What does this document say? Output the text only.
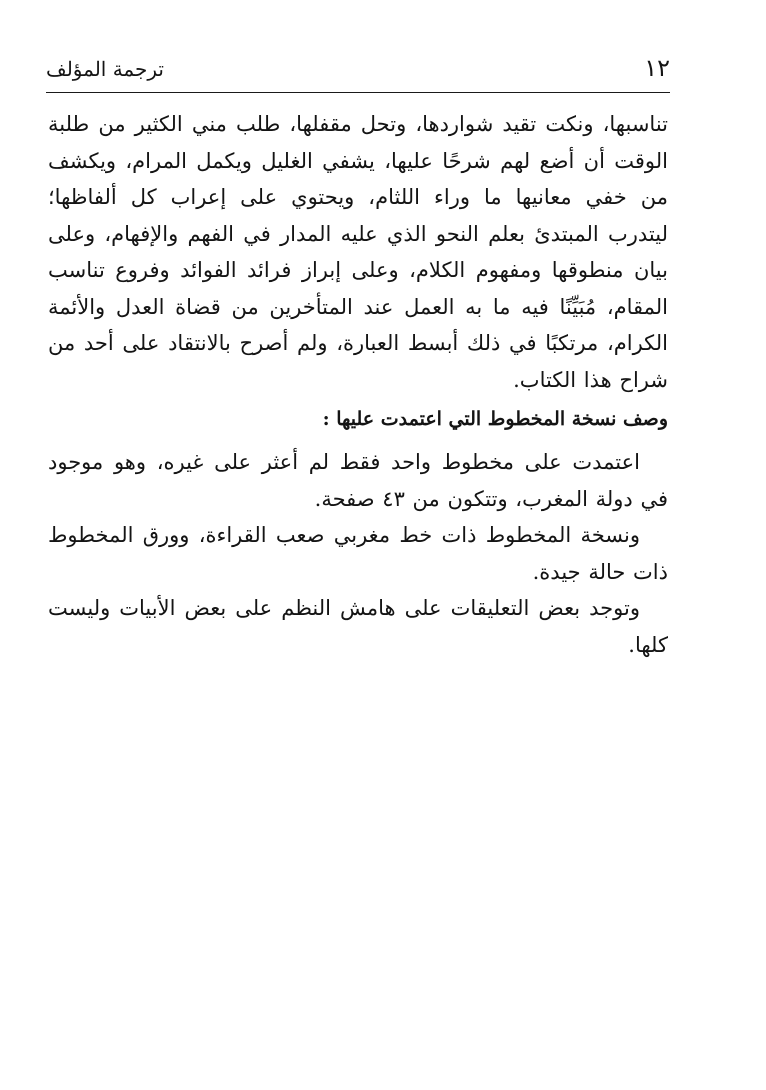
١٢
ترجمة المؤلف

تناسبها، ونكت تقيد شواردها، وتحل مقفلها، طلب مني الكثير من طلبة الوقت أن أضع لهم شرحًا عليها، يشفي الغليل ويكمل المرام، ويكشف من خفي معانيها ما وراء اللثام، ويحتوي على إعراب كل ألفاظها؛ ليتدرب المبتدئ بعلم النحو الذي عليه المدار في الفهم والإفهام، وعلى بيان منطوقها ومفهوم الكلام، وعلى إبراز فرائد الفوائد وفروع تناسب المقام، مُبَيِّنًا فيه ما به العمل عند المتأخرين من قضاة العدل والأئمة الكرام، مرتكبًا في ذلك أبسط العبارة، ولم أصرح بالانتقاد على أحد من شراح هذا الكتاب.

وصف نسخة المخطوط التي اعتمدت عليها :

اعتمدت على مخطوط واحد فقط لم أعثر على غيره، وهو موجود في دولة المغرب، وتتكون من ٤٣ صفحة.

ونسخة المخطوط ذات خط مغربي صعب القراءة، وورق المخطوط ذات حالة جيدة.

وتوجد بعض التعليقات على هامش النظم على بعض الأبيات وليست كلها.
